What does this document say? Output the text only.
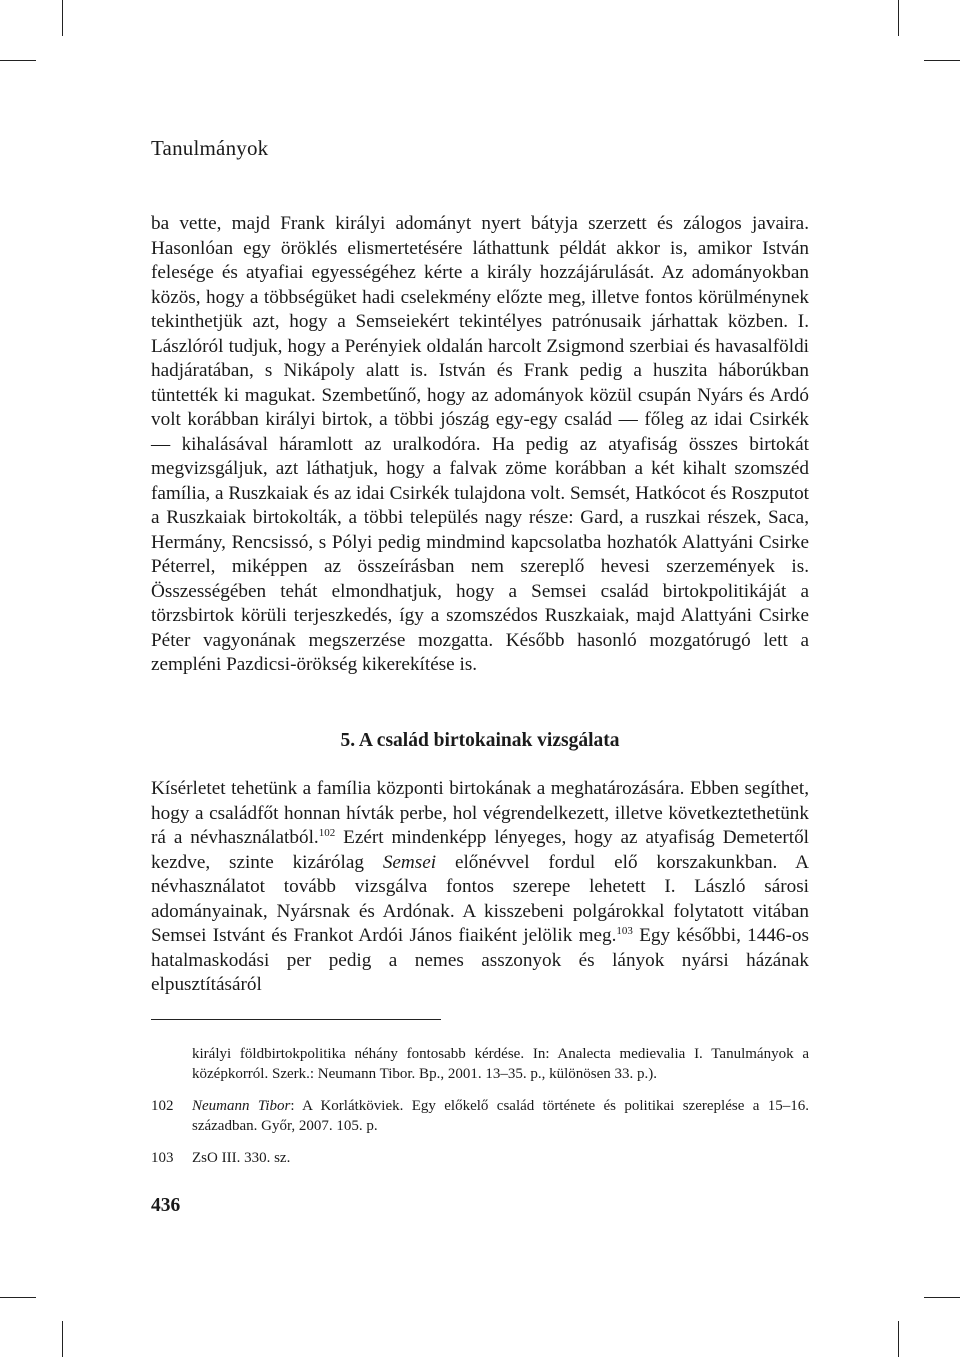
Tanulmányok

ba vette, majd Frank királyi adományt nyert bátyja szerzett és zálogos javaira. Hasonlóan egy öröklés elismertetésére láthattunk példát akkor is, amikor István felesége és atyafiai egyességéhez kérte a király hozzájárulását. Az adományokban közös, hogy a többségüket hadi cselekmény előzte meg, illetve fontos körülménynek tekinthetjük azt, hogy a Semseiekért tekintélyes patrónusaik járhattak közben. I. Lászlóról tudjuk, hogy a Perényiek oldalán harcolt Zsigmond szerbiai és havasalföldi hadjáratában, s Nikápoly alatt is. István és Frank pedig a huszita háborúkban tüntették ki magukat. Szembetűnő, hogy az adományok közül csupán Nyárs és Ardó volt korábban királyi birtok, a többi jószág egy-egy család — főleg az idai Csirkék — kihalásával háramlott az uralkodóra. Ha pedig az atyafiság összes birtokát megvizsgáljuk, azt láthatjuk, hogy a falvak zöme korábban a két kihalt szomszéd família, a Ruszkaiak és az idai Csirkék tulajdona volt. Semsét, Hatkócot és Roszputot a Ruszkaiak birtokolták, a többi település nagy része: Gard, a ruszkai részek, Saca, Hermány, Rencsissó, s Pólyi pedig mindmind kapcsolatba hozhatók Alattyáni Csirke Péterrel, miképpen az összeírásban nem szereplő hevesi szerzemények is. Összességében tehát elmondhatjuk, hogy a Semsei család birtokpolitikáját a törzsbirtok körüli terjeszkedés, így a szomszédos Ruszkaiak, majd Alattyáni Csirke Péter vagyonának megszerzése mozgatta. Később hasonló mozgatórugó lett a zempléni Pazdicsi-örökség kikerekítése is.

5. A család birtokainak vizsgálata

Kísérletet tehetünk a família központi birtokának a meghatározására. Ebben segíthet, hogy a családfőt honnan hívták perbe, hol végrendelkezett, illetve következtethetünk rá a névhasználatból.$^{102}$ Ezért mindenképp lényeges, hogy az atyafiság Demetertől kezdve, szinte kizárólag Semsei előnévvel fordul elő korszakunkban. A névhasználatot tovább vizsgálva fontos szerepe lehetett I. László sárosi adományainak, Nyársnak és Ardónak. A kisszebeni polgárokkal folytatott vitában Semsei Istvánt és Frankot Ardói János fiaiként jelölik meg.$^{103}$ Egy későbbi, 1446-os hatalmaskodási per pedig a nemes asszonyok és lányok nyársi házának elpusztításáról

királyi földbirtokpolitika néhány fontosabb kérdése. In: Analecta medievalia I. Tanulmányok a középkorról. Szerk.: Neumann Tibor. Bp., 2001. 13–35. p., különösen 33. p.).
102	Neumann Tibor: A Korlátköviek. Egy előkelő család története és politikai szereplése a 15–16. században. Győr, 2007. 105. p.
103	ZsO III. 330. sz.
436
